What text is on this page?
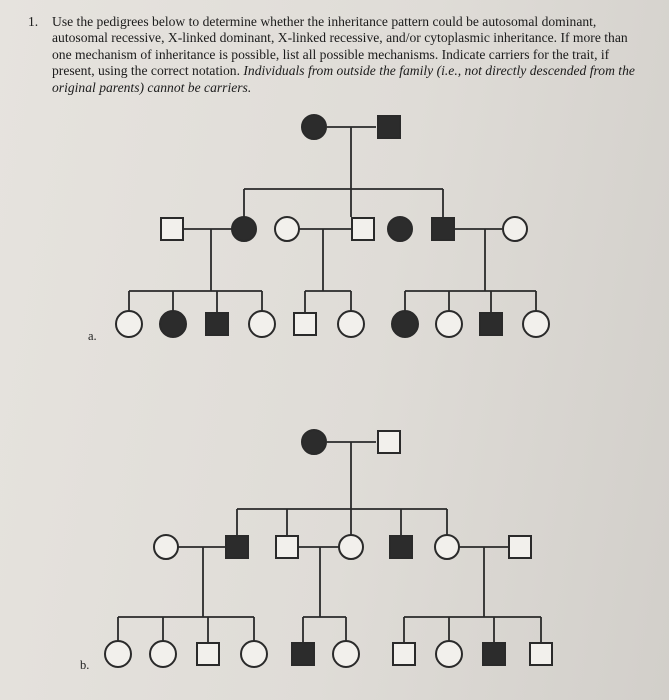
1. Use the pedigrees below to determine whether the inheritance pattern could be autosomal dominant, autosomal recessive, X-linked dominant, X-linked recessive, and/or cytoplasmic inheritance. If more than one mechanism of inheritance is possible, list all possible mechanisms. Indicate carriers for the trait, if present, using the correct notation. Individuals from outside the family (i.e., not directly descended from the original parents) cannot be carriers.
a.
b.
